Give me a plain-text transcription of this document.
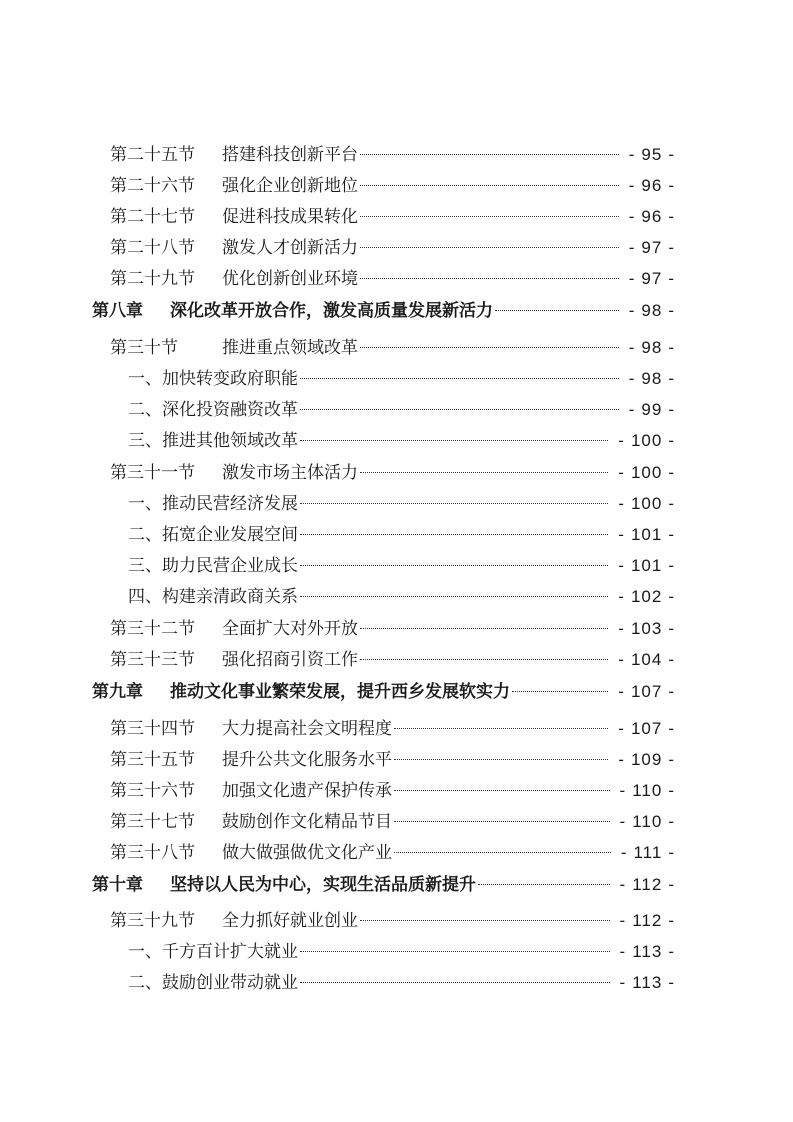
第二十五节 搭建科技创新平台	- 95 -
第二十六节 强化企业创新地位	- 96 -
第二十七节 促进科技成果转化	- 96 -
第二十八节 激发人才创新活力	- 97 -
第二十九节 优化创新创业环境	- 97 -
第八章 深化改革开放合作，激发高质量发展新活力	- 98 -
第三十节	推进重点领域改革	- 98 -
一、加快转变政府职能	- 98 -
二、深化投资融资改革	- 99 -
三、推进其他领域改革	- 100 -
第三十一节 激发市场主体活力	- 100 -
一、推动民营经济发展	- 100 -
二、拓宽企业发展空间	- 101 -
三、助力民营企业成长	- 101 -
四、构建亲清政商关系	- 102 -
第三十二节 全面扩大对外开放	- 103 -
第三十三节 强化招商引资工作	- 104 -
第九章 推动文化事业繁荣发展，提升西乡发展软实力	- 107 -
第三十四节 大力提高社会文明程度	- 107 -
第三十五节 提升公共文化服务水平	- 109 -
第三十六节 加强文化遗产保护传承	- 110 -
第三十七节 鼓励创作文化精品节目	- 110 -
第三十八节 做大做强做优文化产业	- 111 -
第十章 坚持以人民为中心，实现生活品质新提升	- 112 -
第三十九节 全力抓好就业创业	- 112 -
一、千方百计扩大就业	- 113 -
二、鼓励创业带动就业	- 113 -
